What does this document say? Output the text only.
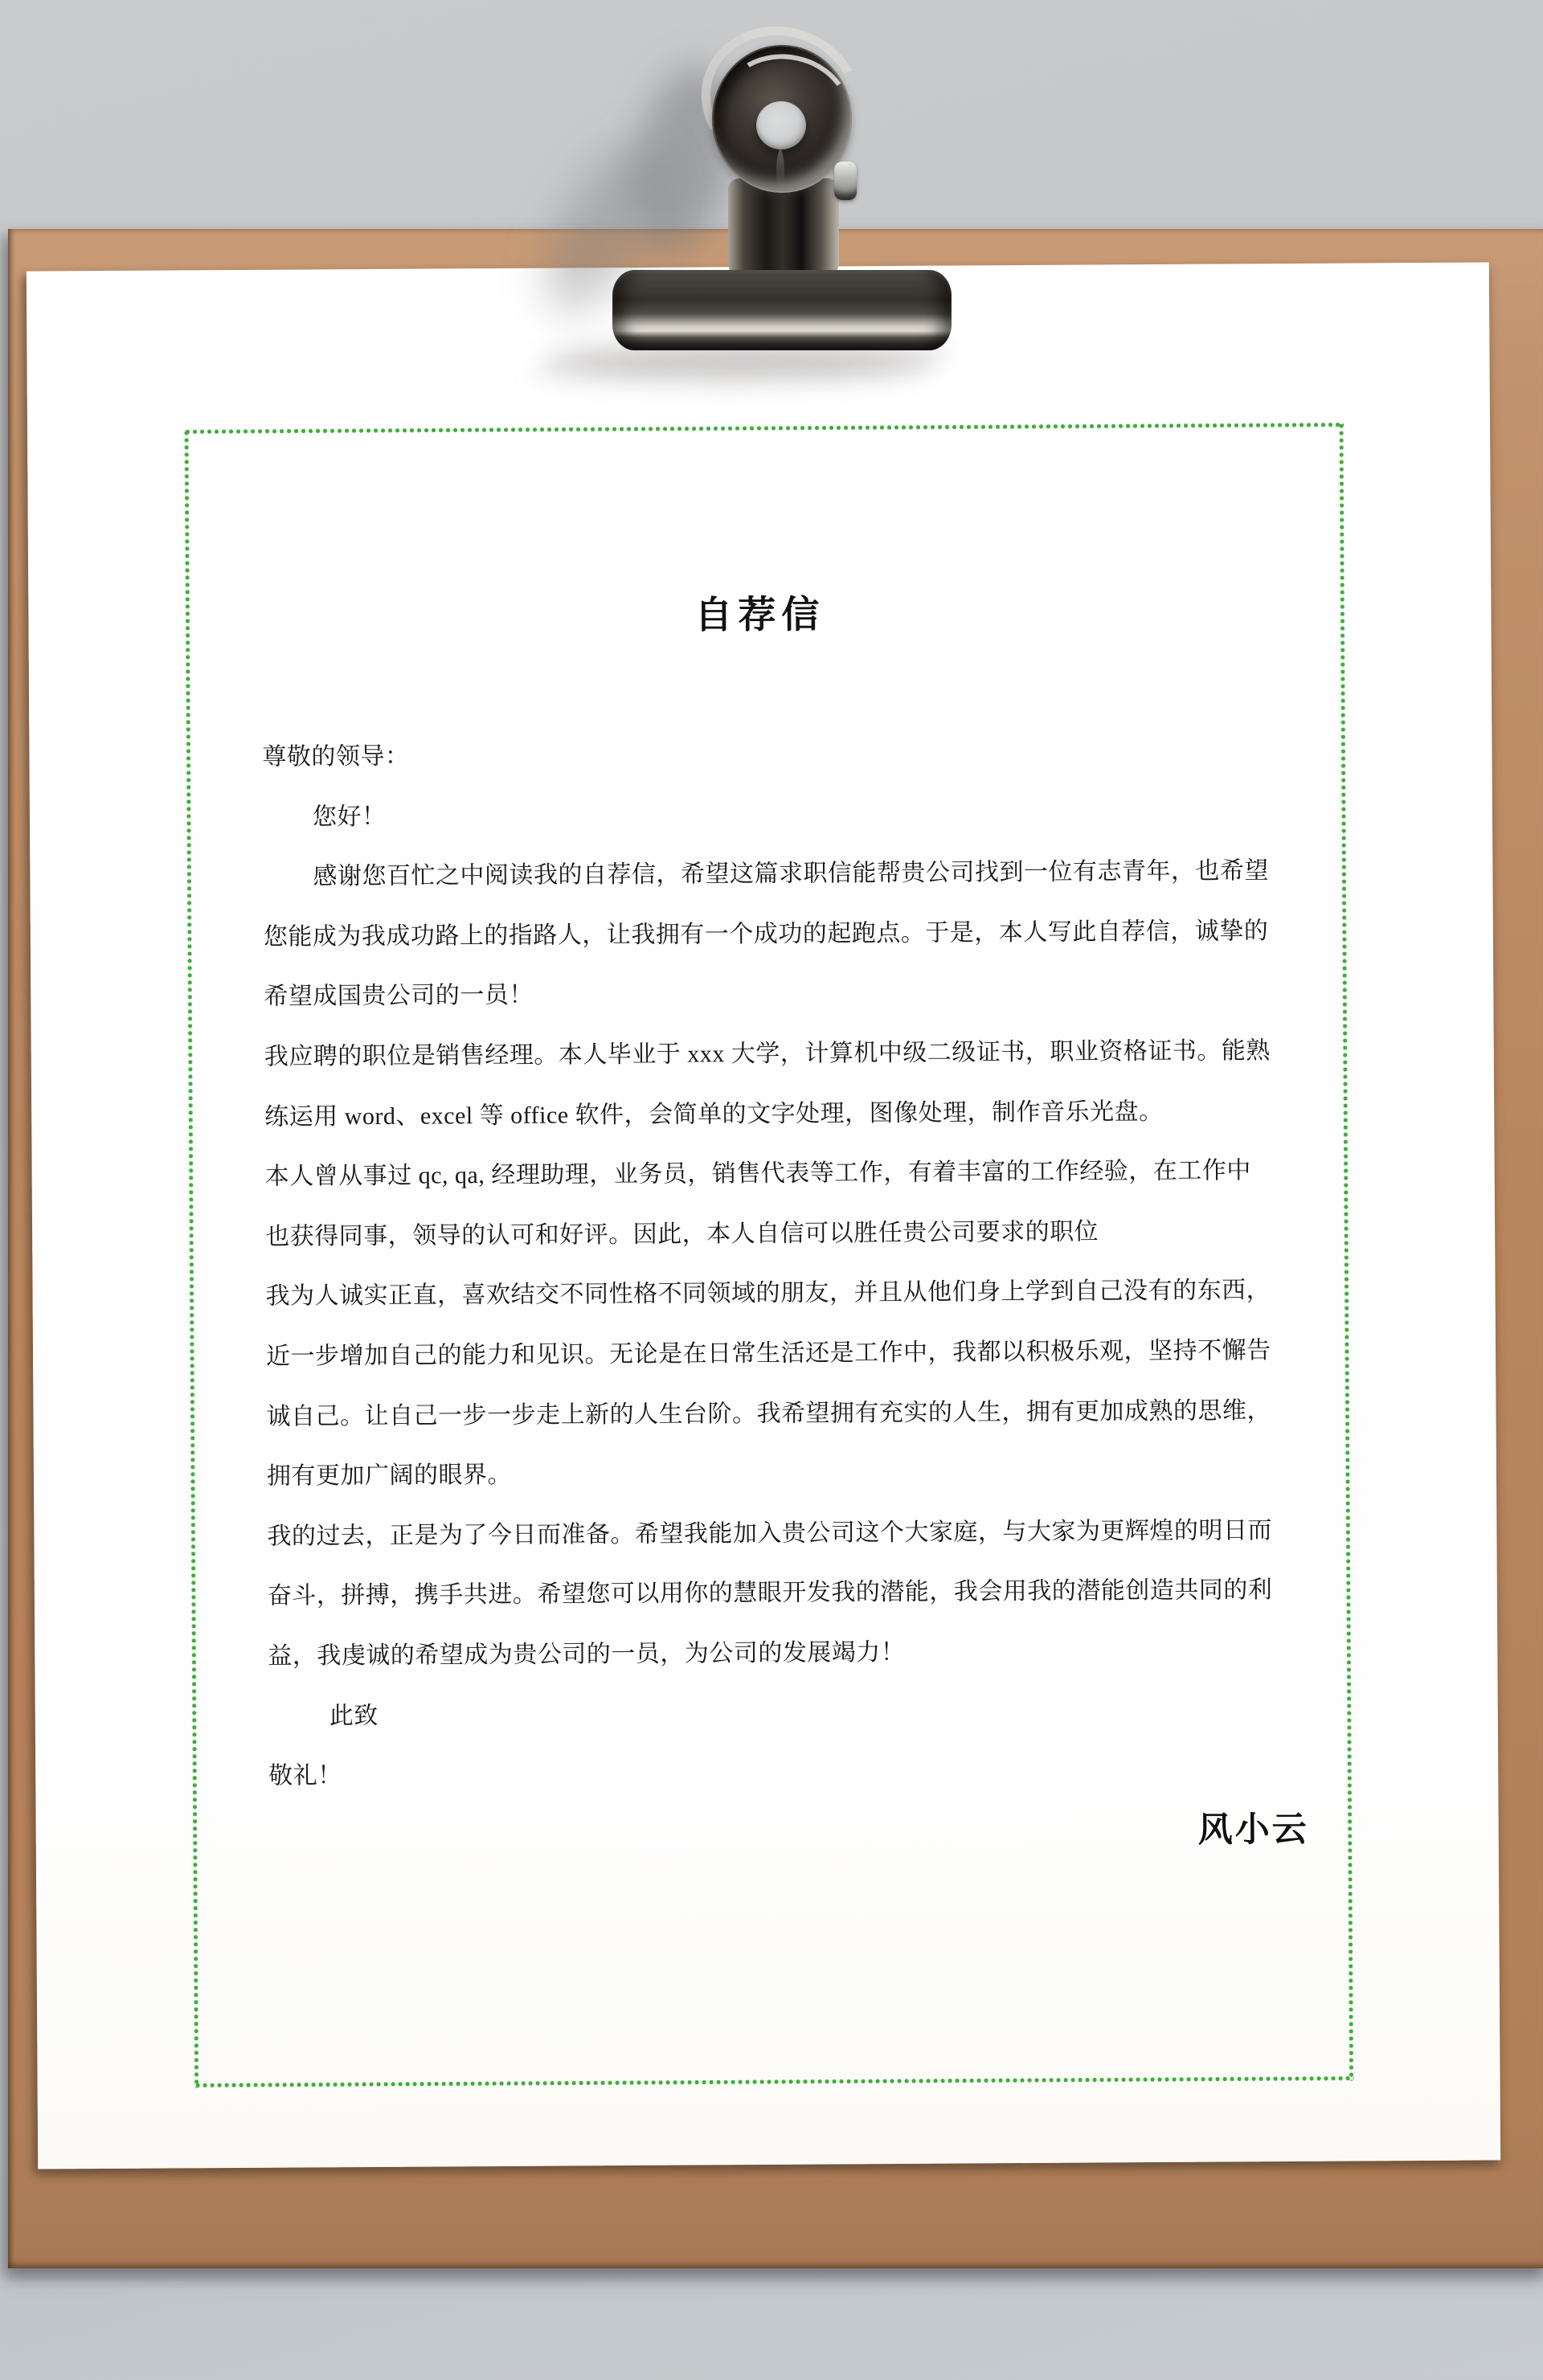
自荐信
尊敬的领导：
您好！
感谢您百忙之中阅读我的自荐信，希望这篇求职信能帮贵公司找到一位有志青年，也希望
您能成为我成功路上的指路人，让我拥有一个成功的起跑点。于是，本人写此自荐信，诚挚的
希望成国贵公司的一员！
我应聘的职位是销售经理。本人毕业于 xxx 大学，计算机中级二级证书，职业资格证书。能熟
练运用 word、excel 等 office 软件，会简单的文字处理，图像处理，制作音乐光盘。
本人曾从事过 qc, qa, 经理助理，业务员，销售代表等工作，有着丰富的工作经验，在工作中
也获得同事，领导的认可和好评。因此，本人自信可以胜任贵公司要求的职位
我为人诚实正直，喜欢结交不同性格不同领域的朋友，并且从他们身上学到自己没有的东西，
近一步增加自己的能力和见识。无论是在日常生活还是工作中，我都以积极乐观，坚持不懈告
诚自己。让自己一步一步走上新的人生台阶。我希望拥有充实的人生，拥有更加成熟的思维，
拥有更加广阔的眼界。
我的过去，正是为了今日而准备。希望我能加入贵公司这个大家庭，与大家为更辉煌的明日而
奋斗，拼搏，携手共进。希望您可以用你的慧眼开发我的潜能，我会用我的潜能创造共同的利
益，我虔诚的希望成为贵公司的一员，为公司的发展竭力！
此致
敬礼！
风小云
